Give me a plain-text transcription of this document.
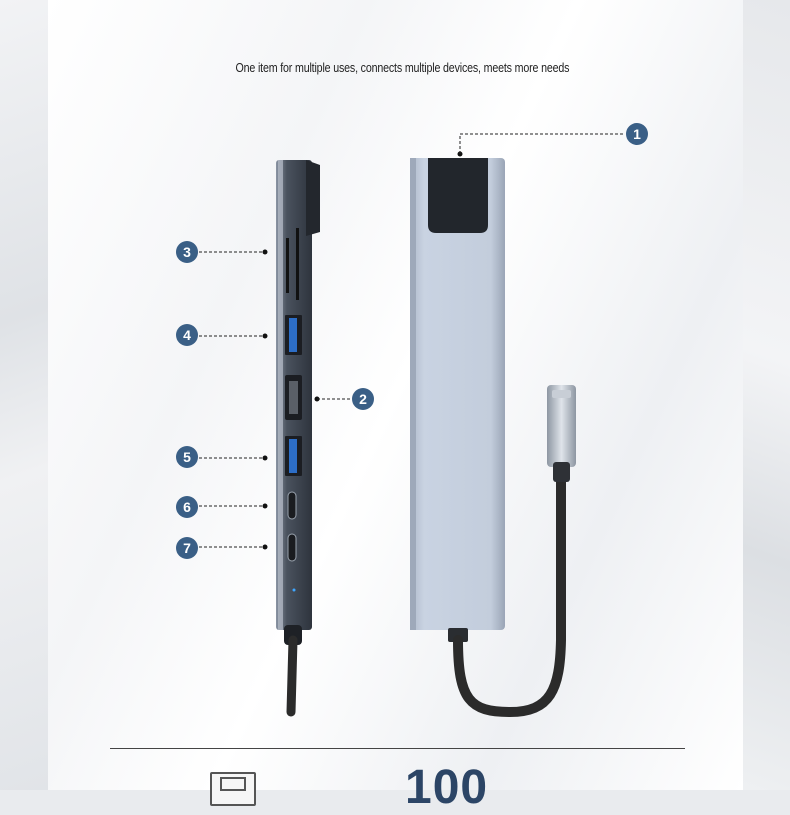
One item for multiple uses, connects multiple devices, meets more needs
1
2
3
4
5
6
7
100
